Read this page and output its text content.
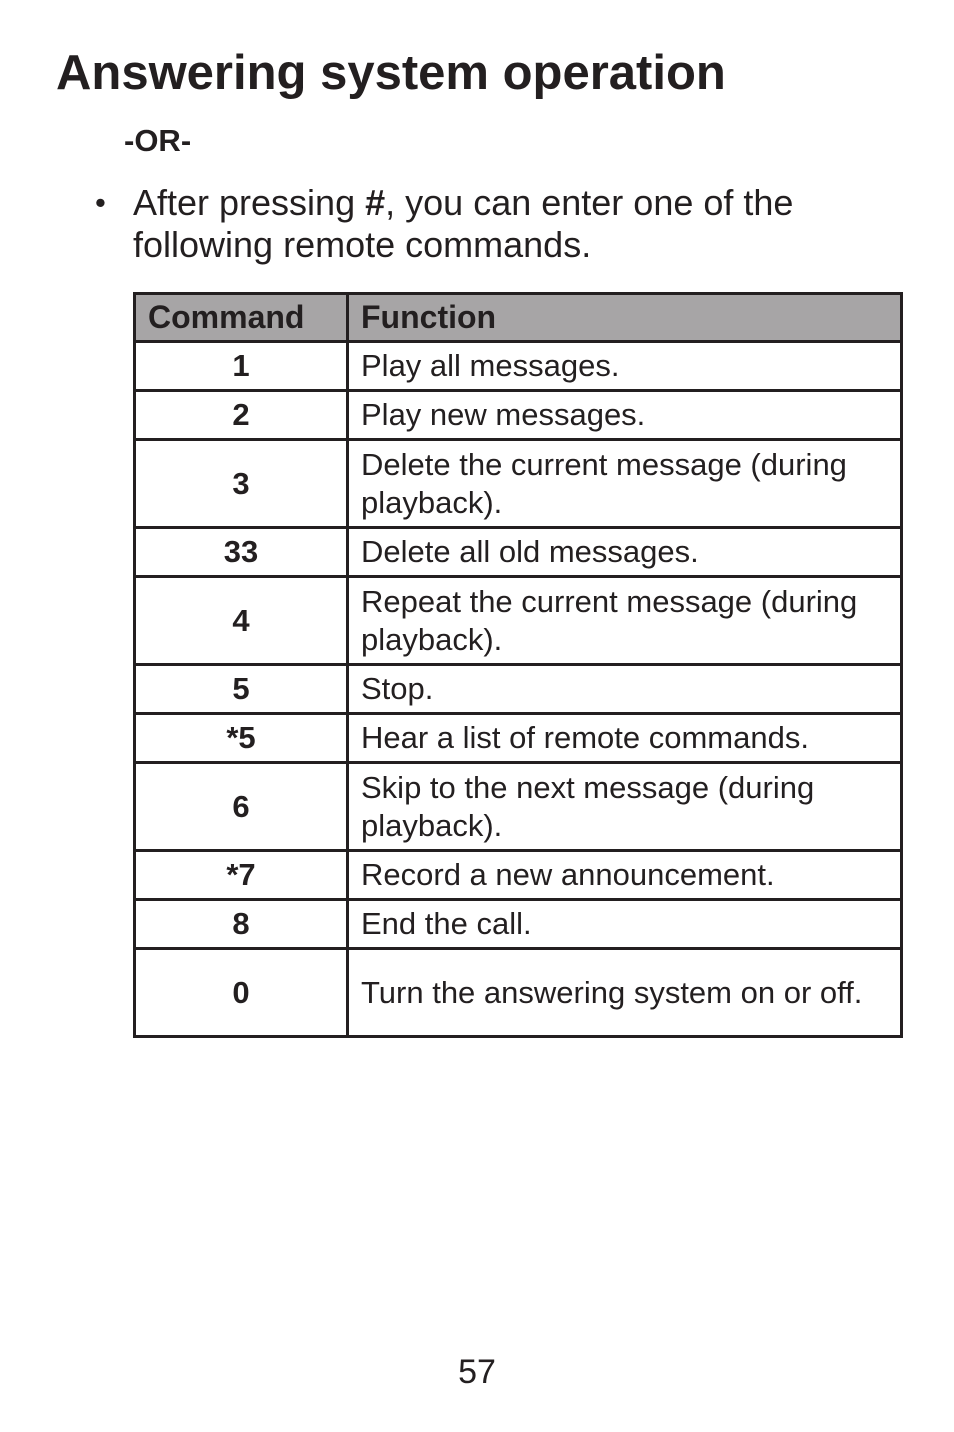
Answering system operation
-OR-
• After pressing #, you can enter one of the following remote commands.
Command	Function
1	Play all messages.
2	Play new messages.
3	Delete the current message (during playback).
33	Delete all old messages.
4	Repeat the current message (during playback).
5	Stop.
*5	Hear a list of remote commands.
6	Skip to the next message (during playback).
*7	Record a new announcement.
8	End the call.
0	Turn the answering system on or off.
57
